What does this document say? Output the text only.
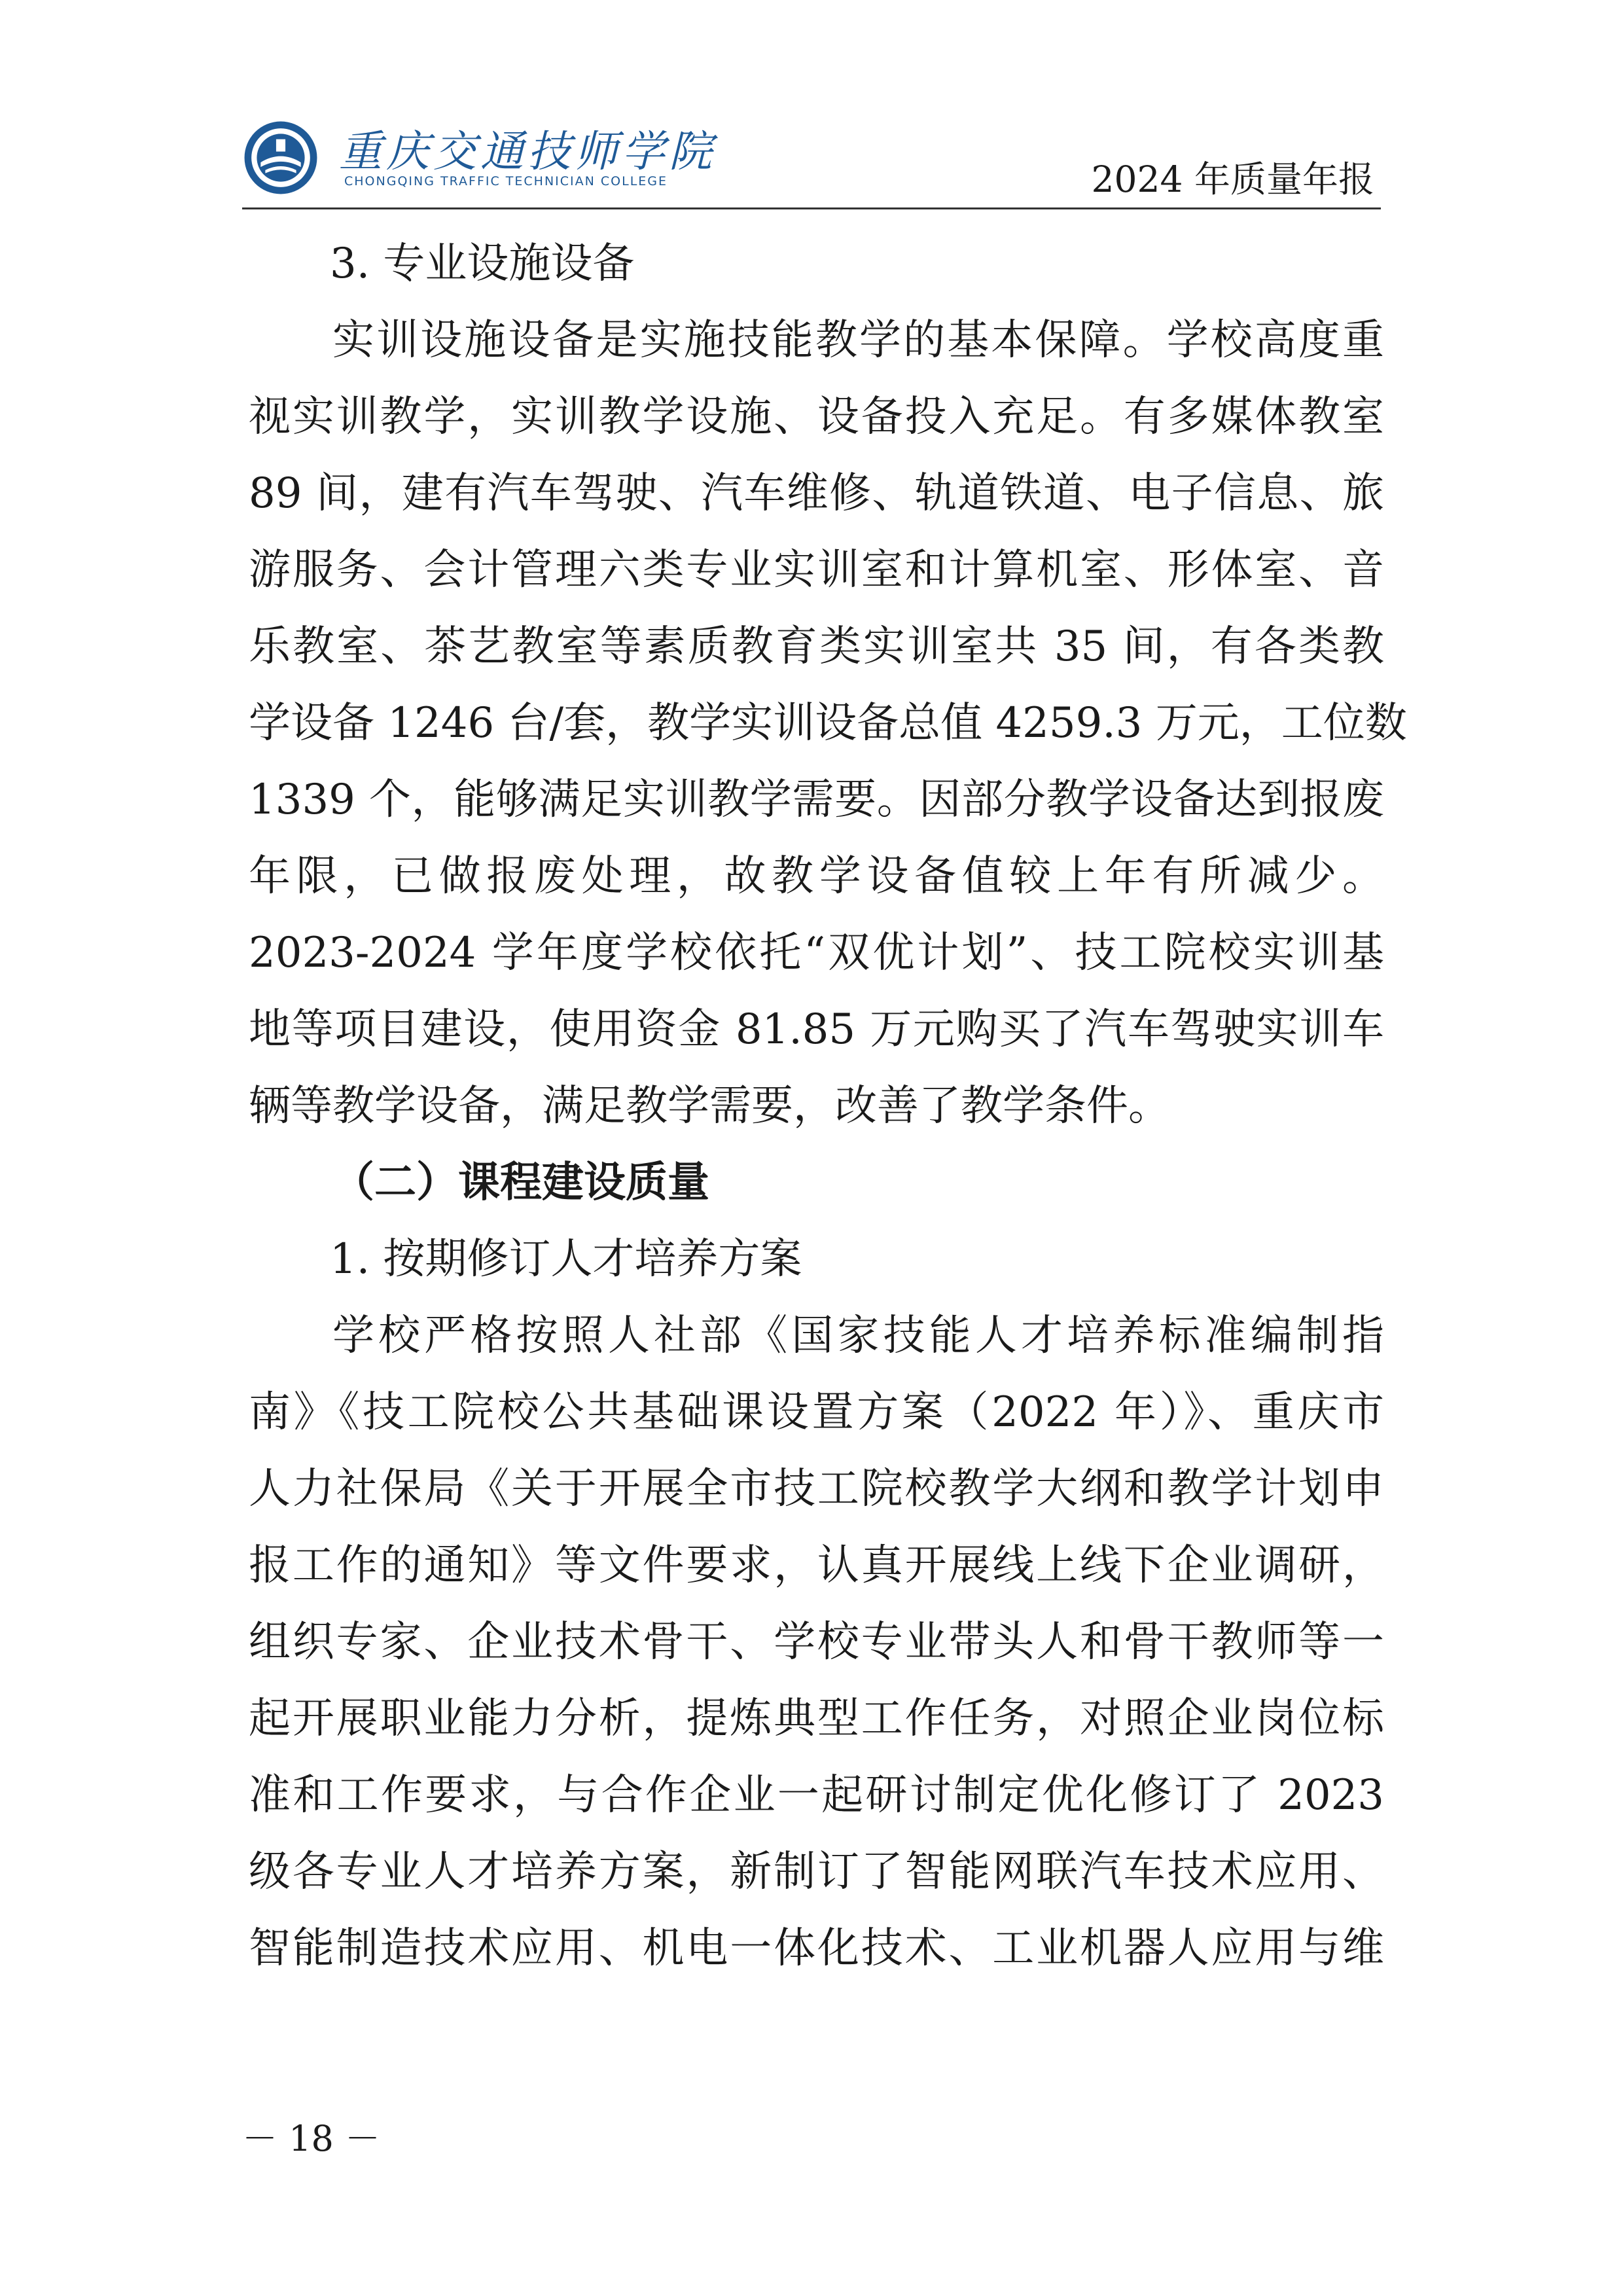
重庆交通技师学院
CHONGQING TRAFFIC TECHNICIAN COLLEGE	2024 年质量年报
3. 专业设施设备
实训设施设备是实施技能教学的基本保障。学校高度重
视实训教学，实训教学设施、设备投入充足。有多媒体教室
89 间，建有汽车驾驶、汽车维修、轨道铁道、电子信息、旅
游服务、会计管理六类专业实训室和计算机室、形体室、音
乐教室、茶艺教室等素质教育类实训室共 35 间，有各类教
学设备 1246 台/套，教学实训设备总值 4259.3 万元，工位数
1339 个，能够满足实训教学需要。因部分教学设备达到报废
年限，已做报废处理，故教学设备值较上年有所减少。
2023-2024 学年度学校依托“双优计划”、技工院校实训基
地等项目建设，使用资金 81.85 万元购买了汽车驾驶实训车
辆等教学设备，满足教学需要，改善了教学条件。
（二）课程建设质量
1. 按期修订人才培养方案
学校严格按照人社部《国家技能人才培养标准编制指
南》《技工院校公共基础课设置方案（2022 年）》、重庆市
人力社保局《关于开展全市技工院校教学大纲和教学计划申
报工作的通知》等文件要求，认真开展线上线下企业调研，
组织专家、企业技术骨干、学校专业带头人和骨干教师等一
起开展职业能力分析，提炼典型工作任务，对照企业岗位标
准和工作要求，与合作企业一起研讨制定优化修订了 2023
级各专业人才培养方案，新制订了智能网联汽车技术应用、
智能制造技术应用、机电一体化技术、工业机器人应用与维
－ 18 －
